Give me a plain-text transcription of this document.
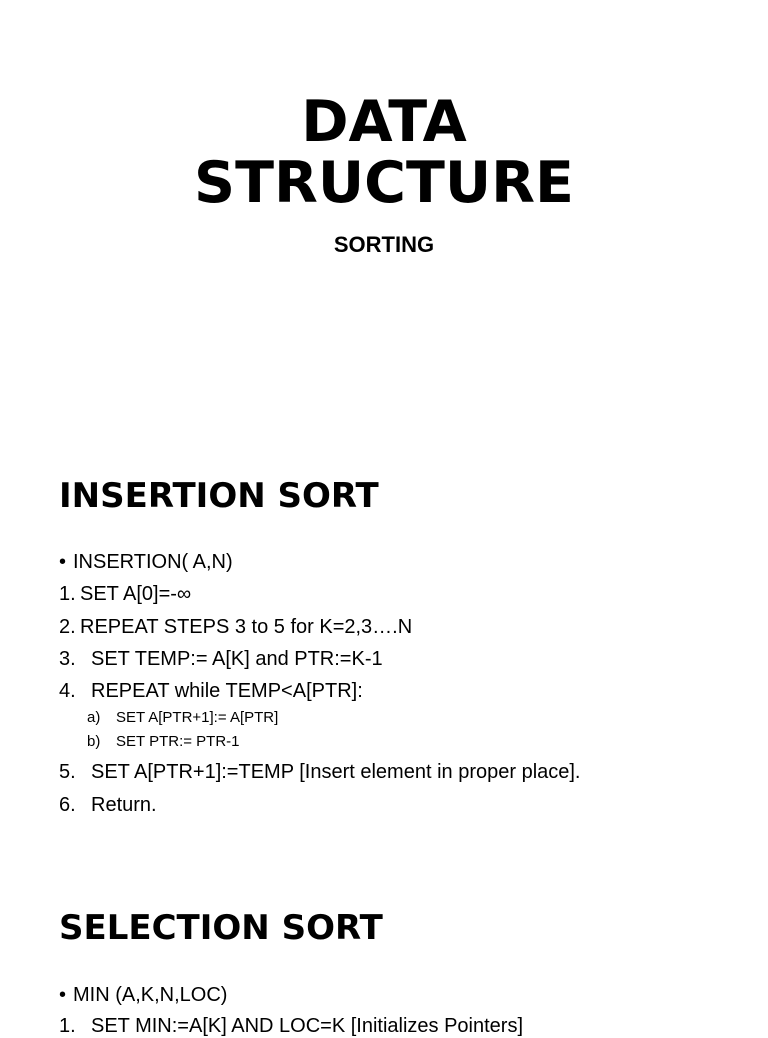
DATA
STRUCTURE
SORTING
INSERTION SORT
• INSERTION( A,N)
1. SET A[0]=-∞
2. REPEAT STEPS 3 to 5 for K=2,3….N
3. SET TEMP:= A[K] and PTR:=K-1
4. REPEAT while TEMP<A[PTR]:
a) SET A[PTR+1]:= A[PTR]
b) SET PTR:= PTR-1
5. SET A[PTR+1]:=TEMP [Insert element in proper place].
6. Return.
SELECTION SORT
• MIN (A,K,N,LOC)
1. SET MIN:=A[K] AND LOC=K [Initializes Pointers]
